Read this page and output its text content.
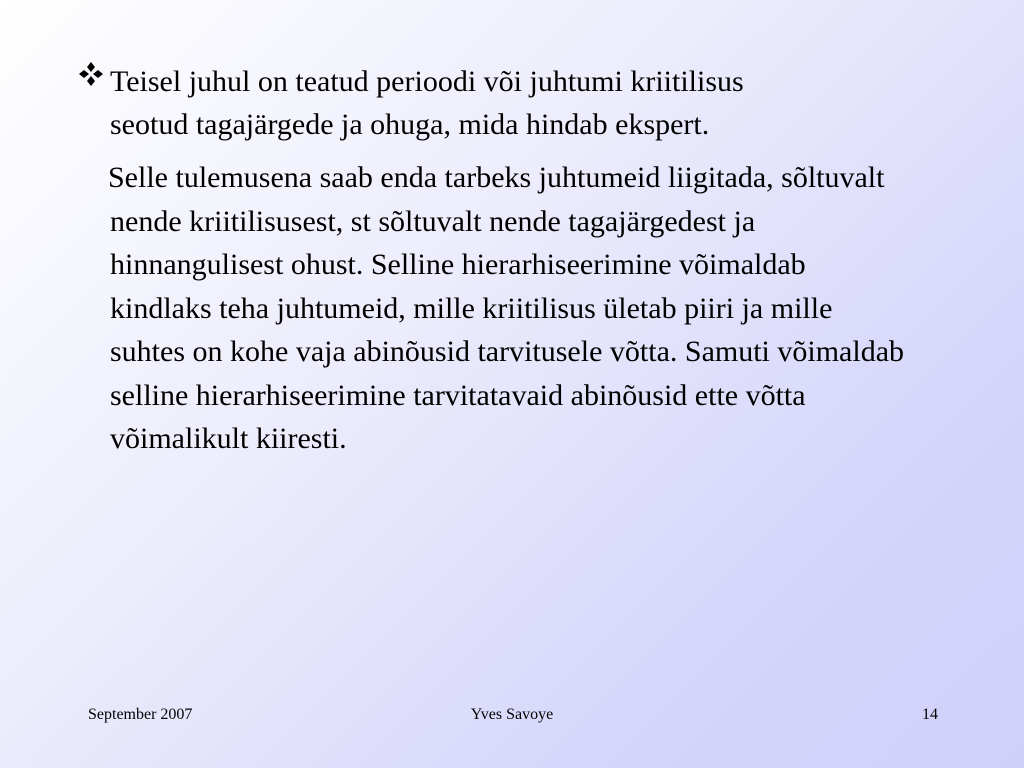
Teisel juhul on teatud perioodi või juhtumi kriitilisus seotud tagajärgede ja ohuga, mida hindab ekspert.
Selle tulemusena saab enda tarbeks juhtumeid liigitada, sõltuvalt nende kriitilisusest, st sõltuvalt nende tagajärgedest ja hinnangulisest ohust. Selline hierarhiseerimine võimaldab kindlaks teha juhtumeid, mille kriitilisus ületab piiri ja mille suhtes on kohe vaja abinõusid tarvitusele võtta. Samuti võimaldab selline hierarhiseerimine tarvitatavaid abinõusid ette võtta võimalikult kiiresti.
September 2007	Yves Savoye	14
